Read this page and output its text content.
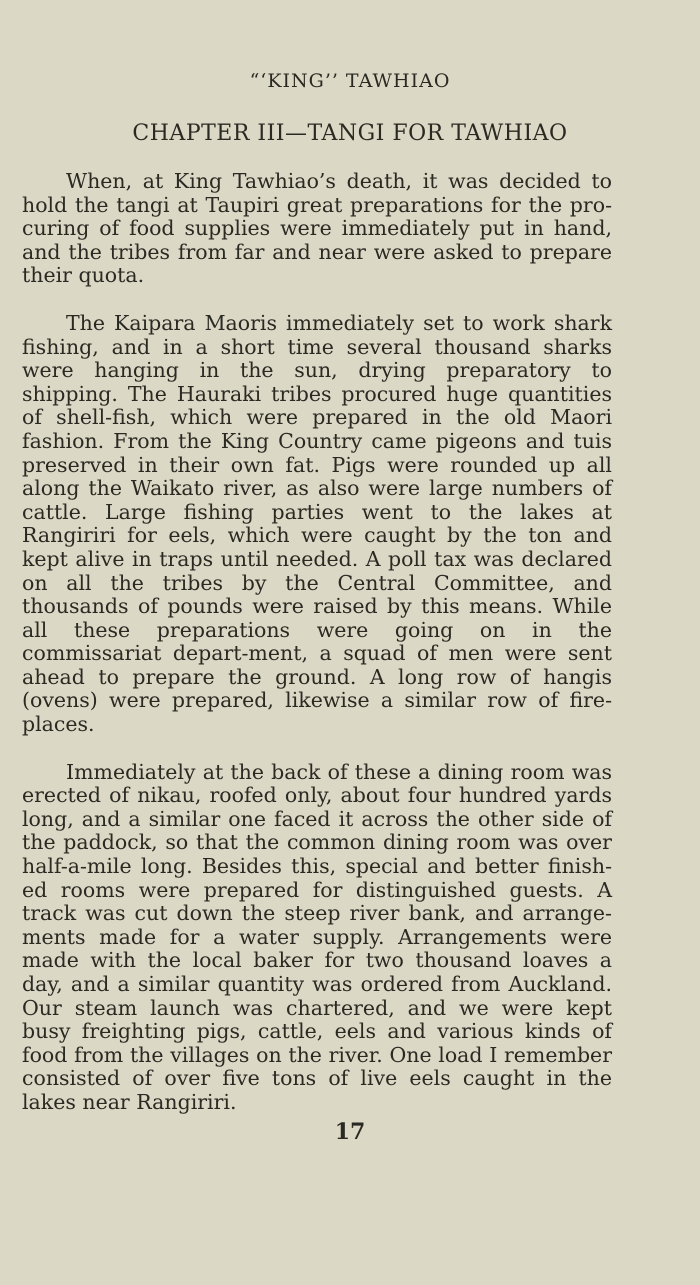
“‘KING’’ TAWHIAO
CHAPTER III—TANGI FOR TAWHIAO

When, at King Tawhiao’s death, it was decided to hold the tangi at Taupiri great preparations for the pro-curing of food supplies were immediately put in hand, and the tribes from far and near were asked to prepare their quota.

The Kaipara Maoris immediately set to work shark fishing, and in a short time several thousand sharks were hanging in the sun, drying preparatory to shipping. The Hauraki tribes procured huge quantities of shell-fish, which were prepared in the old Maori fashion. From the King Country came pigeons and tuis preserved in their own fat. Pigs were rounded up all along the Waikato river, as also were large numbers of cattle. Large fishing parties went to the lakes at Rangiriri for eels, which were caught by the ton and kept alive in traps until needed. A poll tax was declared on all the tribes by the Central Committee, and thousands of pounds were raised by this means. While all these preparations were going on in the commissariat depart-ment, a squad of men were sent ahead to prepare the ground. A long row of hangis (ovens) were prepared, likewise a similar row of fire-places.

Immediately at the back of these a dining room was erected of nikau, roofed only, about four hundred yards long, and a similar one faced it across the other side of the paddock, so that the common dining room was over half-a-mile long. Besides this, special and better finish-ed rooms were prepared for distinguished guests. A track was cut down the steep river bank, and arrange-ments made for a water supply. Arrangements were made with the local baker for two thousand loaves a day, and a similar quantity was ordered from Auckland. Our steam launch was chartered, and we were kept busy freighting pigs, cattle, eels and various kinds of food from the villages on the river. One load I remember consisted of over five tons of live eels caught in the lakes near Rangiriri.

17
